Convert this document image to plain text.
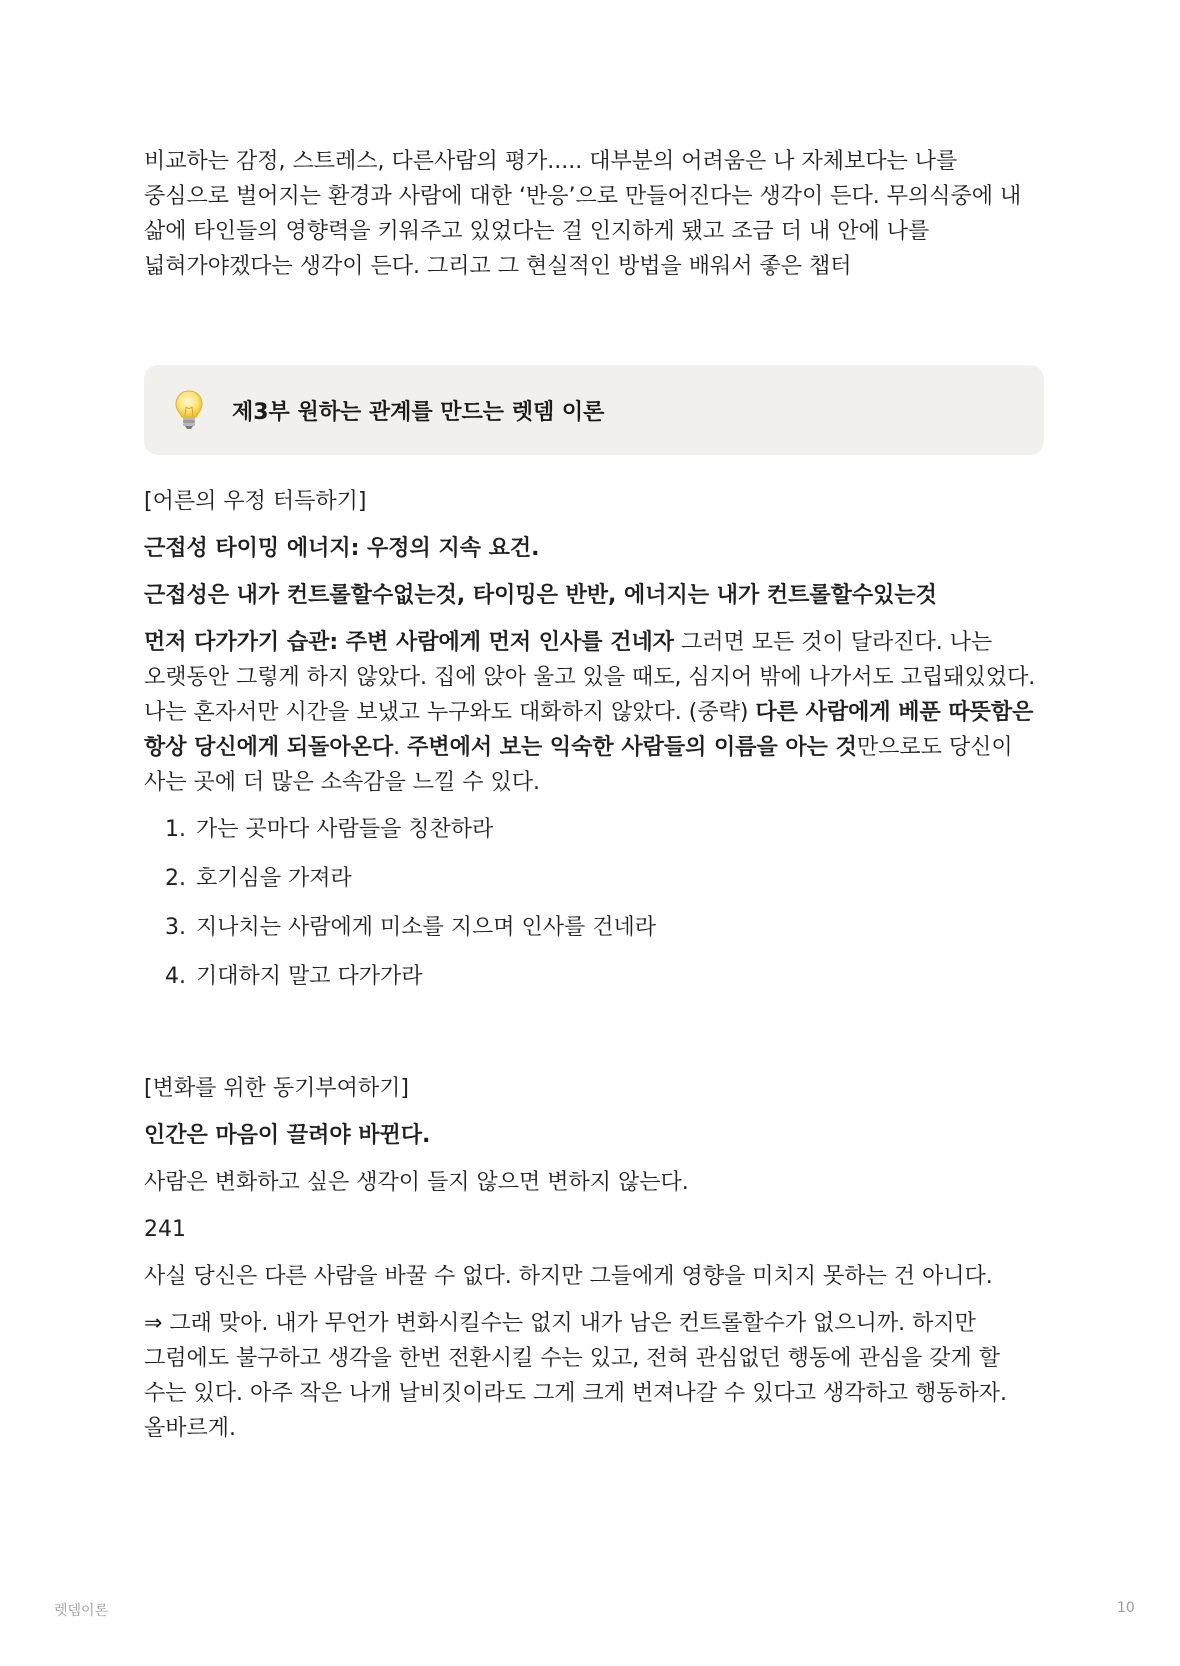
비교하는 감정, 스트레스, 다른사람의 평가..... 대부분의 어려움은 나 자체보다는 나를 중심으로 벌어지는 환경과 사람에 대한 ‘반응’으로 만들어진다는 생각이 든다. 무의식중에 내 삶에 타인들의 영향력을 키워주고 있었다는 걸 인지하게 됐고 조금 더 내 안에 나를 넓혀가야겠다는 생각이 든다. 그리고 그 현실적인 방법을 배워서 좋은 챕터

제3부 원하는 관계를 만드는 렛뎀 이론

[어른의 우정 터득하기]

근접성 타이밍 에너지: 우정의 지속 요건.

근접성은 내가 컨트롤할수없는것, 타이밍은 반반, 에너지는 내가 컨트롤할수있는것

먼저 다가가기 습관: 주변 사람에게 먼저 인사를 건네자 그러면 모든 것이 달라진다. 나는 오랫동안 그렇게 하지 않았다. 집에 앉아 울고 있을 때도, 심지어 밖에 나가서도 고립돼있었다. 나는 혼자서만 시간을 보냈고 누구와도 대화하지 않았다. (중략) 다른 사람에게 베푼 따뜻함은 항상 당신에게 되돌아온다. 주변에서 보는 익숙한 사람들의 이름을 아는 것만으로도 당신이 사는 곳에 더 많은 소속감을 느낄 수 있다.

1. 가는 곳마다 사람들을 칭찬하라
2. 호기심을 가져라
3. 지나치는 사람에게 미소를 지으며 인사를 건네라
4. 기대하지 말고 다가가라

[변화를 위한 동기부여하기]

인간은 마음이 끌려야 바뀐다.

사람은 변화하고 싶은 생각이 들지 않으면 변하지 않는다.

241

사실 당신은 다른 사람을 바꿀 수 없다. 하지만 그들에게 영향을 미치지 못하는 건 아니다.

⇒ 그래 맞아. 내가 무언가 변화시킬수는 없지 내가 남은 컨트롤할수가 없으니까. 하지만 그럼에도 불구하고 생각을 한번 전환시킬 수는 있고, 전혀 관심없던 행동에 관심을 갖게 할 수는 있다. 아주 작은 나개 날비짓이라도 그게 크게 번져나갈 수 있다고 생각하고 행동하자. 올바르게.

렛뎀이론	10
